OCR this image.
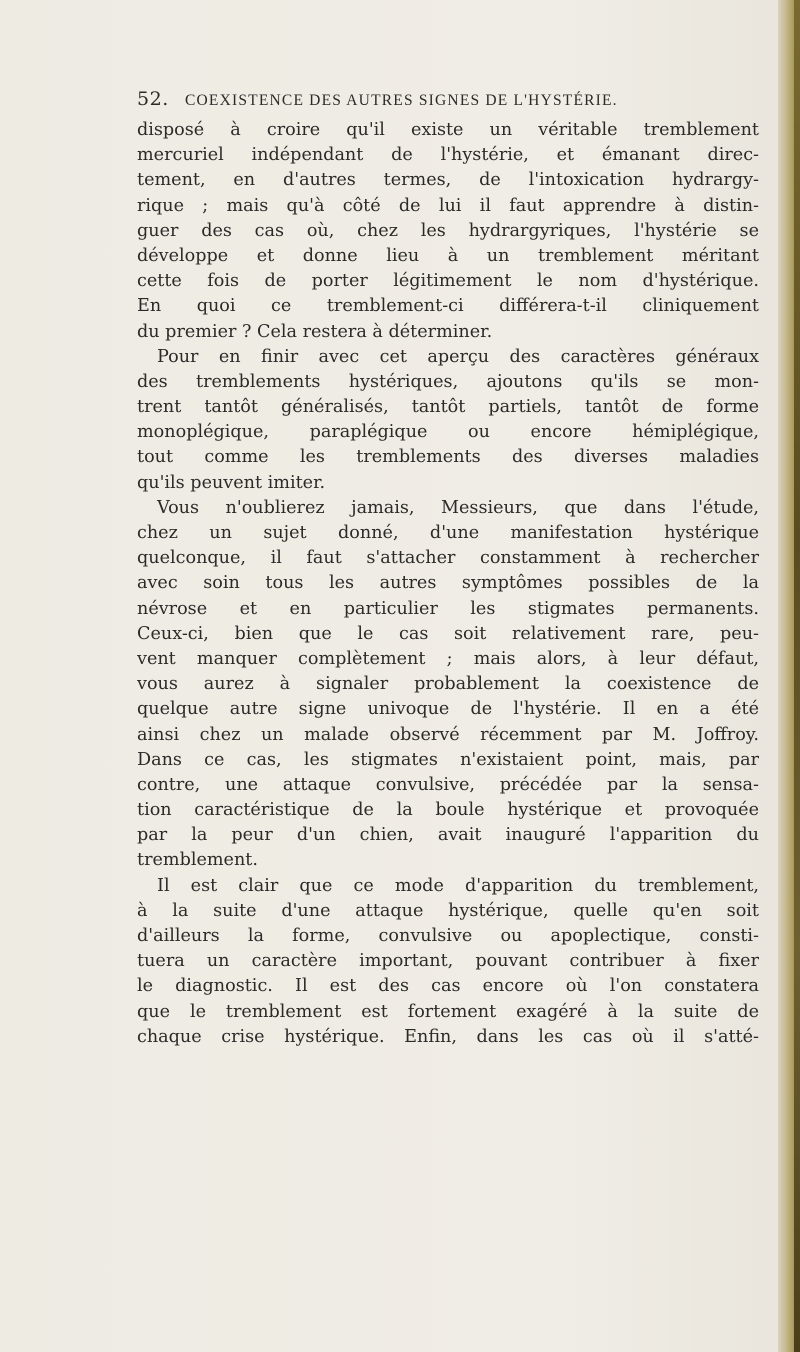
52. COEXISTENCE DES AUTRES SIGNES DE L'HYSTÉRIE.
disposé à croire qu'il existe un véritable tremblement
mercuriel indépendant de l'hystérie, et émanant direc-
tement, en d'autres termes, de l'intoxication hydrargy-
rique ; mais qu'à côté de lui il faut apprendre à distin-
guer des cas où, chez les hydrargyriques, l'hystérie se
développe et donne lieu à un tremblement méritant
cette fois de porter légitimement le nom d'hystérique.
En quoi ce tremblement-ci différera-t-il cliniquement
du premier ? Cela restera à déterminer.
Pour en finir avec cet aperçu des caractères généraux
des tremblements hystériques, ajoutons qu'ils se mon-
trent tantôt généralisés, tantôt partiels, tantôt de forme
monoplégique, paraplégique ou encore hémiplégique,
tout comme les tremblements des diverses maladies
qu'ils peuvent imiter.
Vous n'oublierez jamais, Messieurs, que dans l'étude,
chez un sujet donné, d'une manifestation hystérique
quelconque, il faut s'attacher constamment à rechercher
avec soin tous les autres symptômes possibles de la
névrose et en particulier les stigmates permanents.
Ceux-ci, bien que le cas soit relativement rare, peu-
vent manquer complètement ; mais alors, à leur défaut,
vous aurez à signaler probablement la coexistence de
quelque autre signe univoque de l'hystérie. Il en a été
ainsi chez un malade observé récemment par M. Joffroy.
Dans ce cas, les stigmates n'existaient point, mais, par
contre, une attaque convulsive, précédée par la sensa-
tion caractéristique de la boule hystérique et provoquée
par la peur d'un chien, avait inauguré l'apparition du
tremblement.
Il est clair que ce mode d'apparition du tremblement,
à la suite d'une attaque hystérique, quelle qu'en soit
d'ailleurs la forme, convulsive ou apoplectique, consti-
tuera un caractère important, pouvant contribuer à fixer
le diagnostic. Il est des cas encore où l'on constatera
que le tremblement est fortement exagéré à la suite de
chaque crise hystérique. Enfin, dans les cas où il s'atté-
